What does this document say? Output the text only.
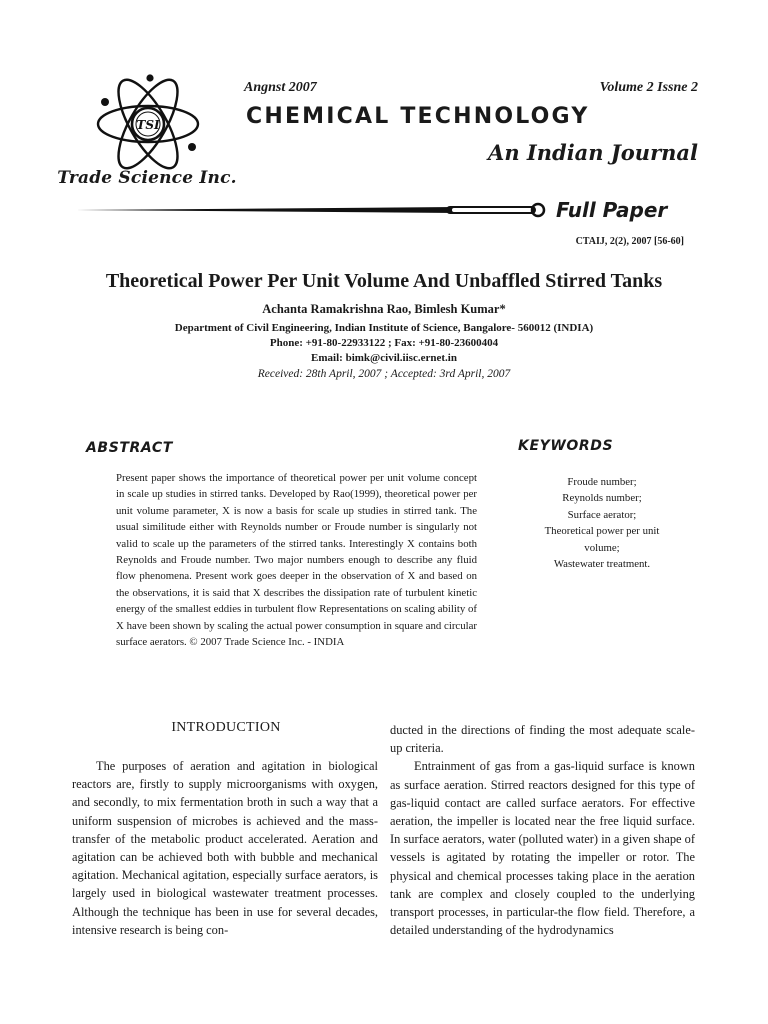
TSI
Trade Science Inc.
Angnst 2007	Volume 2 Issne 2
CHEMICAL TECHNOLOGY
An Indian Journal
Full Paper
CTAIJ, 2(2), 2007 [56-60]
Theoretical Power Per Unit Volume And Unbaffled Stirred Tanks
Achanta Ramakrishna Rao, Bimlesh Kumar*
Department of Civil Engineering, Indian Institute of Science, Bangalore- 560012 (INDIA)
Phone: +91-80-22933122 ; Fax: +91-80-23600404
Email: bimk@civil.iisc.ernet.in
Received: 28th April, 2007 ; Accepted: 3rd April, 2007
ABSTRACT
Present paper shows the importance of theoretical power per unit volume concept in scale up studies in stirred tanks. Developed by Rao(1999), theoretical power per unit volume parameter, X is now a basis for scale up studies in stirred tank. The usual similitude either with Reynolds number or Froude number is singularly not valid to scale up the parameters of the stirred tanks. Interestingly X contains both Reynolds and Froude number. Two major numbers enough to describe any fluid flow phenomena. Present work goes deeper in the observation of X and based on the observations, it is said that X describes the dissipation rate of turbulent kinetic energy of the smallest eddies in turbulent flow Representations on scaling ability of X have been shown by scaling the actual power consumption in square and circular surface aerators. © 2007 Trade Science Inc. - INDIA
KEYWORDS
Froude number;
Reynolds number;
Surface aerator;
Theoretical power per unit volume;
Wastewater treatment.
INTRODUCTION

The purposes of aeration and agitation in biological reactors are, firstly to supply microorganisms with oxygen, and secondly, to mix fermentation broth in such a way that a uniform suspension of microbes is achieved and the mass-transfer of the metabolic product accelerated. Aeration and agitation can be achieved both with bubble and mechanical agitation. Mechanical agitation, especially surface aerators, is largely used in biological wastewater treatment processes. Although the technique has been in use for several decades, intensive research is being con-

ducted in the directions of finding the most adequate scale-up criteria.

Entrainment of gas from a gas-liquid surface is known as surface aeration. Stirred reactors designed for this type of gas-liquid contact are called surface aerators. For effective aeration, the impeller is located near the free liquid surface. In surface aerators, water (polluted water) in a given shape of vessels is agitated by rotating the impeller or rotor. The physical and chemical processes taking place in the aeration tank are complex and closely coupled to the underlying transport processes, in particular-the flow field. Therefore, a detailed understanding of the hydrodynamics
